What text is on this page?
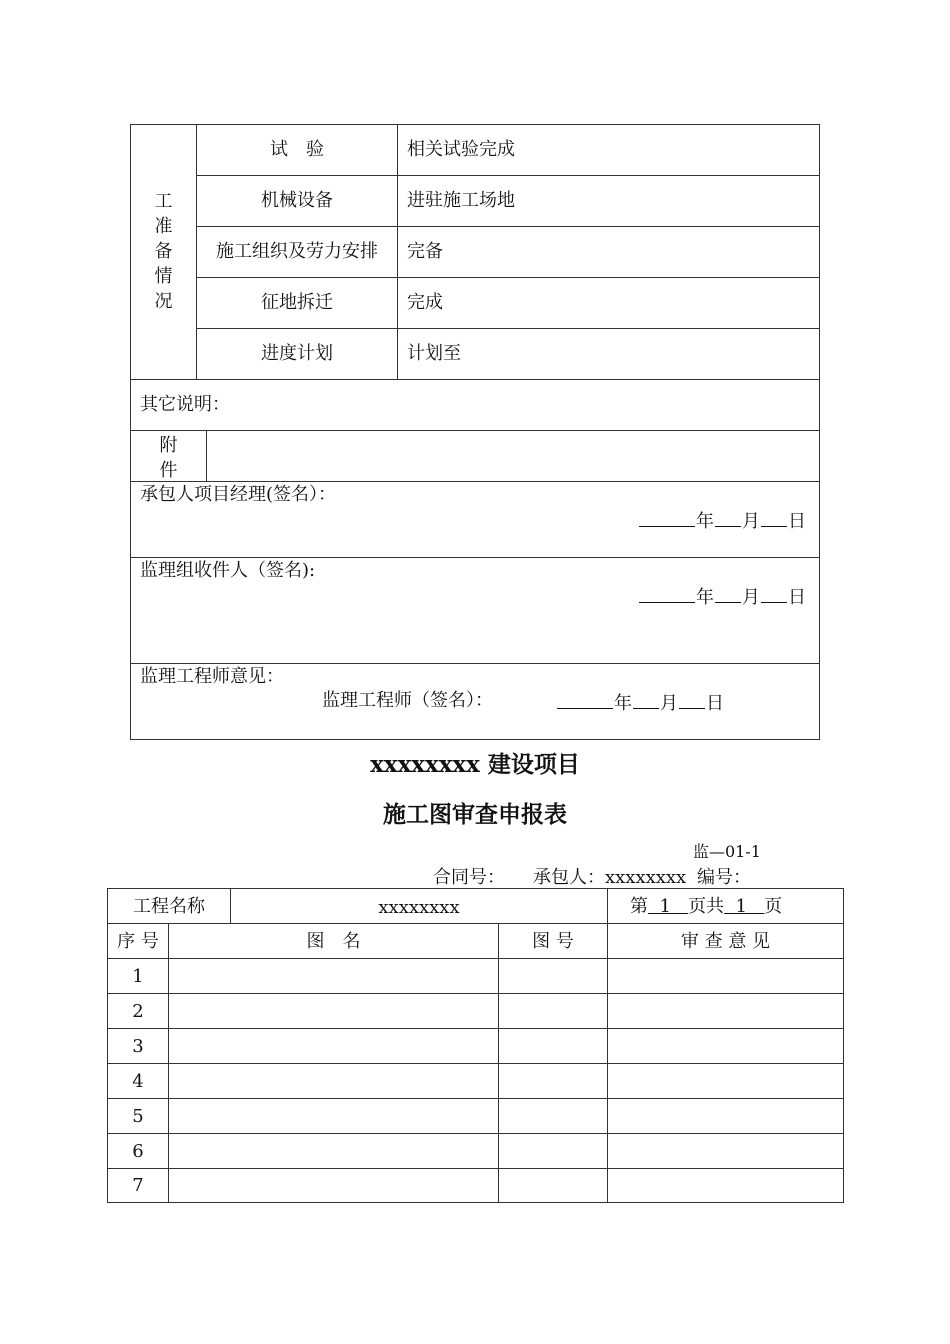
工
准
备
情
况
试　验	相关试验完成
机械设备	进驻施工场地
施工组织及劳力安排	完备
征地拆迁	完成
进度计划	计划至
其它说明：
附
件
承包人项目经理(签名）：
年 月 日
监理组收件人（签名):
年 月 日
监理工程师意见：
监理工程师（签名）：	年 月 日
xxxxxxxx 建设项目
施工图审查申报表
监—01-1
合同号： 承包人：xxxxxxxx 编号：
工程名称	xxxxxxxx	第 1 页共 1 页
序 号	图　名	图 号	审 查 意 见
1
2
3
4
5
6
7
